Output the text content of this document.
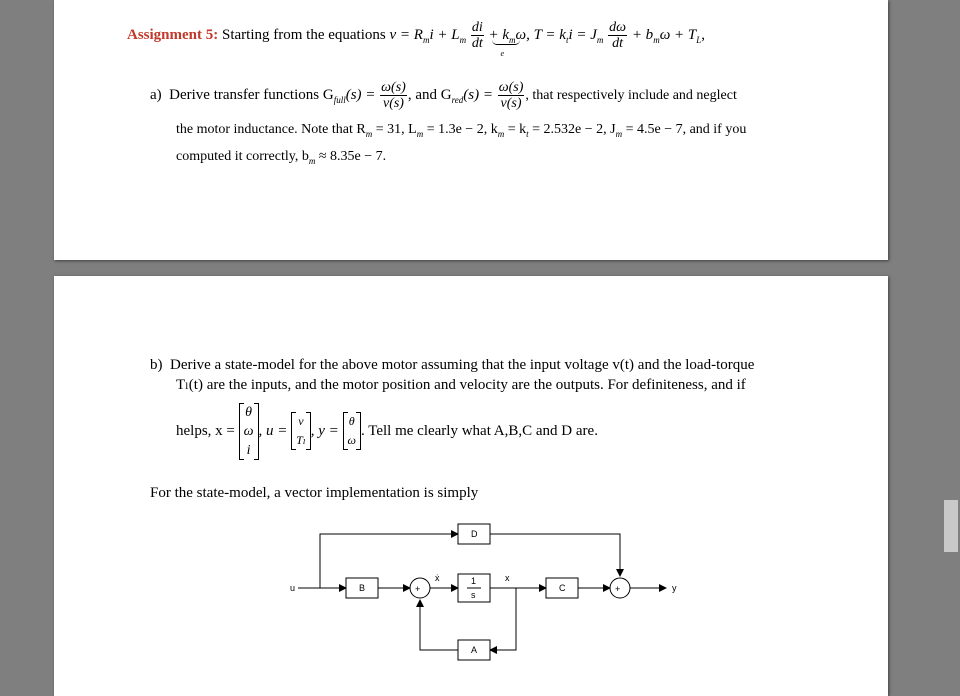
Assignment 5: Starting from the equations $v = R_mi + L_m \frac{di}{dt} + k_m\omega$,
e
$T = k_ti = J_m \frac{d\omega}{dt} + b_m\omega + T_L$,
a) Derive transfer functions $G_{full}(s) = \frac{\omega(s)}{v(s)}$ , and $G_{red}(s) = \frac{\omega(s)}{v(s)}$ , that respectively include and neglect
the motor inductance. Note that $R_m = 31$, $L_m = 1.3e - 2$, $k_m = k_t = 2.532e - 2$, $J_m = 4.5e - 7$, and if you
computed it correctly, $b_m \approx 8.35e - 7$.
b) Derive a state-model for the above motor assuming that the input voltage v(t) and the load-torque
Tₗ(t) are the inputs, and the motor position and velocity are the outputs. For definiteness, and if
helps, x =

θ
ω
i
, u =

v
Tₗ
, y =

θ
ω
. Tell me clearly what A,B,C and D are.
For the state-model, a vector implementation is simply
u	y
B	C
D
A
1
s
ẋ	x
+	+
